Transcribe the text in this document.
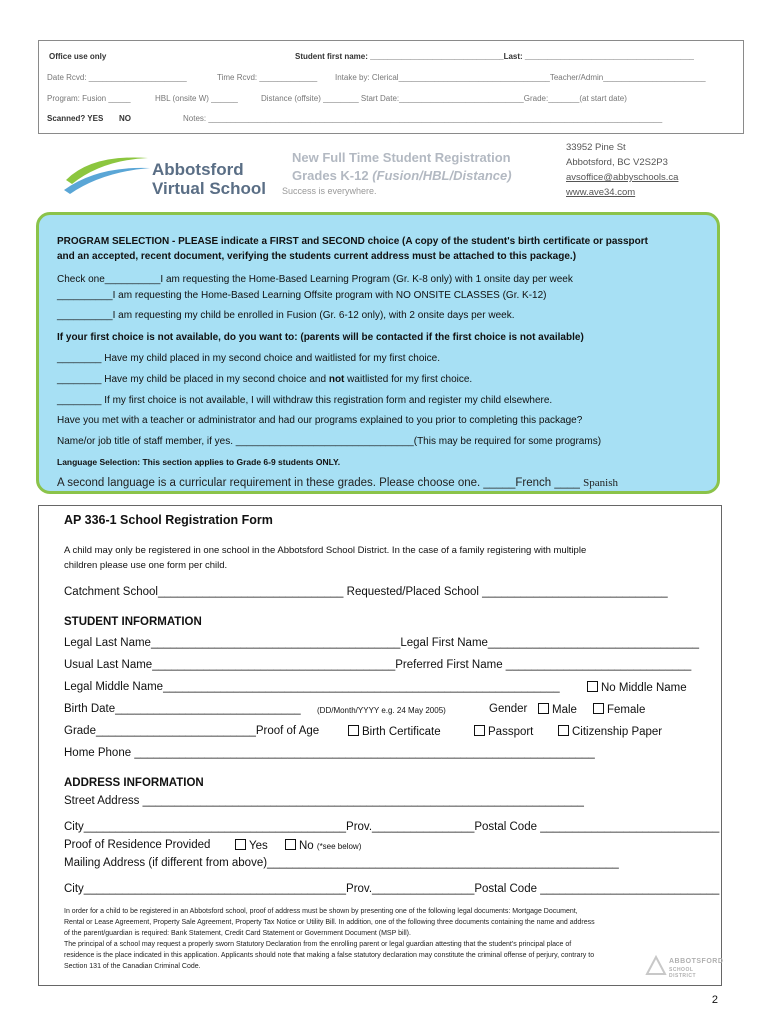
Office use only	Student first name: ______________________________Last: ______________________________________
Date Rcvd: ______________________	Time Rcvd: _____________ Intake by: Clerical__________________________________Teacher/Admin_______________________
Program: Fusion _____	HBL (onsite W) ______	Distance (offsite) ________ Start Date:____________________________Grade:_______(at start date)
Scanned? YES NO	Notes: ______________________________________________________________________________________________________
Abbotsford
Virtual School
New Full Time Student Registration
Grades K-12 (Fusion/HBL/Distance)
Success is everywhere.
33952 Pine St
Abbotsford, BC V2S2P3
avsoffice@abbyschools.ca
www.ave34.com
PROGRAM SELECTION - PLEASE indicate a FIRST and SECOND choice (A copy of the student's birth certificate or passport
and an accepted, recent document, verifying the students current address must be attached to this package.)
Check one__________I am requesting the Home-Based Learning Program (Gr. K-8 only) with 1 onsite day per week
__________I am requesting the Home-Based Learning Offsite program with NO ONSITE CLASSES (Gr. K-12)
__________I am requesting my child be enrolled in Fusion (Gr. 6-12 only), with 2 onsite days per week.
If your first choice is not available, do you want to: (parents will be contacted if the first choice is not available)
________ Have my child placed in my second choice and waitlisted for my first choice.
________ Have my child be placed in my second choice and not waitlisted for my first choice.
________ If my first choice is not available, I will withdraw this registration form and register my child elsewhere.
Have you met with a teacher or administrator and had our programs explained to you prior to completing this package?
Name/or job title of staff member, if yes. ________________________________(This may be required for some programs)
Language Selection: This section applies to Grade 6-9 students ONLY.
A second language is a curricular requirement in these grades. Please choose one. _____French ____ Spanish
AP 336-1 School Registration Form
A child may only be registered in one school in the Abbotsford School District. In the case of a family registering with multiple
children please use one form per child.
Catchment School_____________________________ Requested/Placed School _____________________________
STUDENT INFORMATION
Legal Last Name_______________________________________Legal First Name_________________________________
Usual Last Name______________________________________Preferred First Name _____________________________
Legal Middle Name______________________________________________________________	No Middle Name
Birth Date_____________________________ (DD/Month/YYYY e.g. 24 May 2005)	Gender	Male	Female
Grade_________________________Proof of Age	Birth Certificate	Passport	Citizenship Paper
Home Phone ________________________________________________________________________
ADDRESS INFORMATION
Street Address _____________________________________________________________________
City_________________________________________Prov.________________Postal Code ____________________________
Proof of Residence Provided	Yes	No (*see below)
Mailing Address (if different from above)_______________________________________________________
City_________________________________________Prov.________________Postal Code ____________________________
In order for a child to be registered in an Abbotsford school, proof of address must be shown by presenting one of the following legal documents: Mortgage Document,
Rental or Lease Agreement, Property Sale Agreement, Property Tax Notice or Utility Bill. In addition, one of the following three documents containing the name and address
of the parent/guardian is required: Bank Statement, Credit Card Statement or Government Document (MSP bill).
The principal of a school may request a properly sworn Statutory Declaration from the enrolling parent or legal guardian attesting that the student's principal place of
residence is the place indicated in this application. Applicants should note that making a false statutory declaration may constitute the criminal offense of perjury, contrary to
Section 131 of the Canadian Criminal Code.
ABBOTSFORD
SCHOOL DISTRICT
2
